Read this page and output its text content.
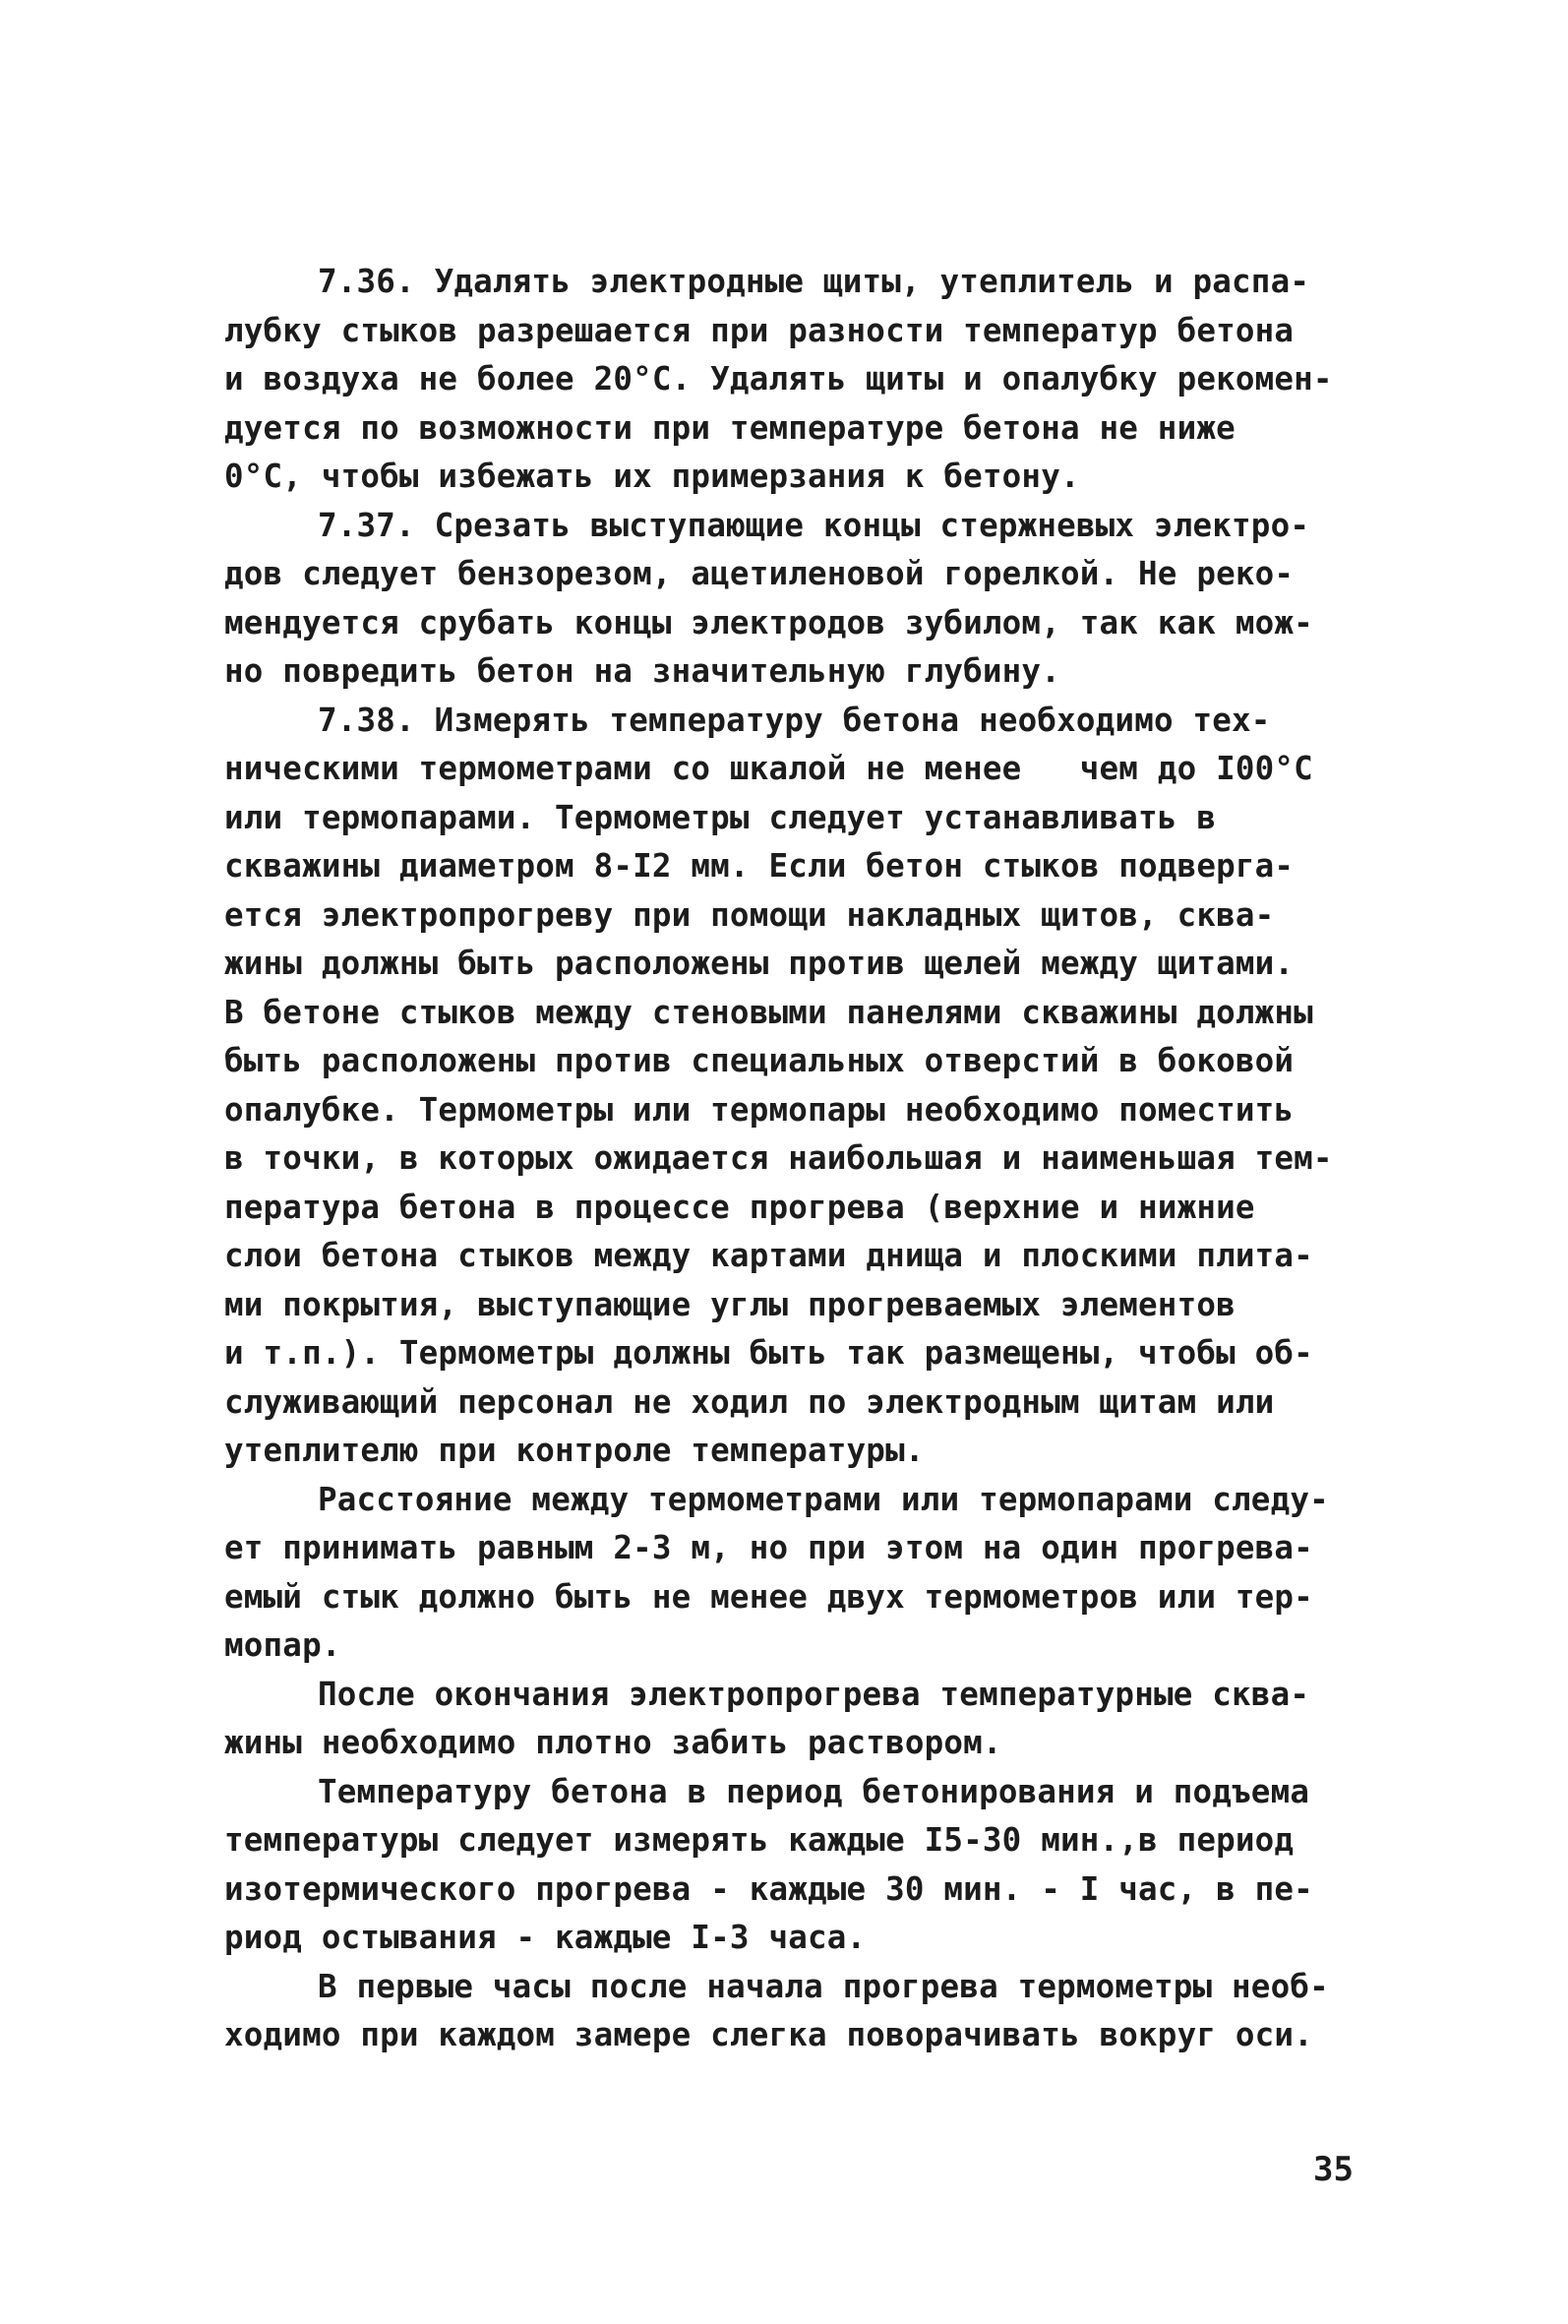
7.36. Удалять электродные щиты, утеплитель и распа-
лубку стыков разрешается при разности температур бетона
и воздуха не более 20°С. Удалять щиты и опалубку рекомен-
дуется по возможности при температуре бетона не ниже
0°С, чтобы избежать их примерзания к бетону.
7.37. Срезать выступающие концы стержневых электро-
дов следует бензорезом, ацетиленовой горелкой. Не реко-
мендуется срубать концы электродов зубилом, так как мож-
но повредить бетон на значительную глубину.
7.38. Измерять температуру бетона необходимо тех-
ническими термометрами со шкалой не менее   чем до I00°С
или термопарами. Термометры следует устанавливать в
скважины диаметром 8-I2 мм. Если бетон стыков подверга-
ется электропрогреву при помощи накладных щитов, сква-
жины должны быть расположены против щелей между щитами.
В бетоне стыков между стеновыми панелями скважины должны
быть расположены против специальных отверстий в боковой
опалубке. Термометры или термопары необходимо поместить
в точки, в которых ожидается наибольшая и наименьшая тем-
пература бетона в процессе прогрева (верхние и нижние
слои бетона стыков между картами днища и плоскими плита-
ми покрытия, выступающие углы прогреваемых элементов
и т.п.). Термометры должны быть так размещены, чтобы об-
служивающий персонал не ходил по электродным щитам или
утеплителю при контроле температуры.
Расстояние между термометрами или термопарами следу-
ет принимать равным 2-3 м, но при этом на один прогрева-
емый стык должно быть не менее двух термометров или тер-
мопар.
После окончания электропрогрева температурные сква-
жины необходимо плотно забить раствором.
Температуру бетона в период бетонирования и подъема
температуры следует измерять каждые I5-30 мин.,в период
изотермического прогрева - каждые 30 мин. - I час, в пе-
риод остывания - каждые I-3 часа.
В первые часы после начала прогрева термометры необ-
ходимо при каждом замере слегка поворачивать вокруг оси.
35
